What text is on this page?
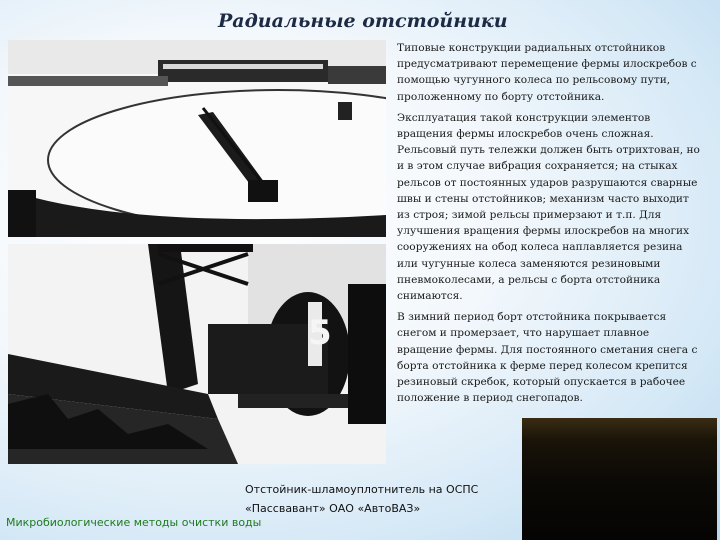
Радиальные отстойники
5

Типовые конструкции радиальных отстойников предусматривают перемещение фермы илоскребов с помощью чугунного колеса по рельсовому пути, проложенному по борту отстойника.

Эксплуатация такой конструкции элементов вращения фермы илоскребов очень сложная. Рельсовый путь тележки должен быть отрихтован, но и в этом случае вибрация сохраняется; на стыках рельсов от постоянных ударов разрушаются сварные швы и стены отстойников; механизм часто выходит из строя; зимой рельсы примерзают и т.п. Для улучшения вращения фермы илоскребов на многих сооружениях на обод колеса наплавляется резина или чугунные колеса заменяются резиновыми пневмоколесами, а рельсы с борта отстойника снимаются.

В зимний период борт отстойника покрывается снегом и промерзает, что нарушает плавное вращение фермы. Для постоянного сметания снега с борта отстойника к ферме перед колесом крепится резиновый скребок, который опускается в рабочее положение в период снегопадов.

Отстойник-шламоуплотнитель на ОСПС
«Пассвавант» ОАО «АвтоВАЗ»
Микробиологические методы очистки воды
